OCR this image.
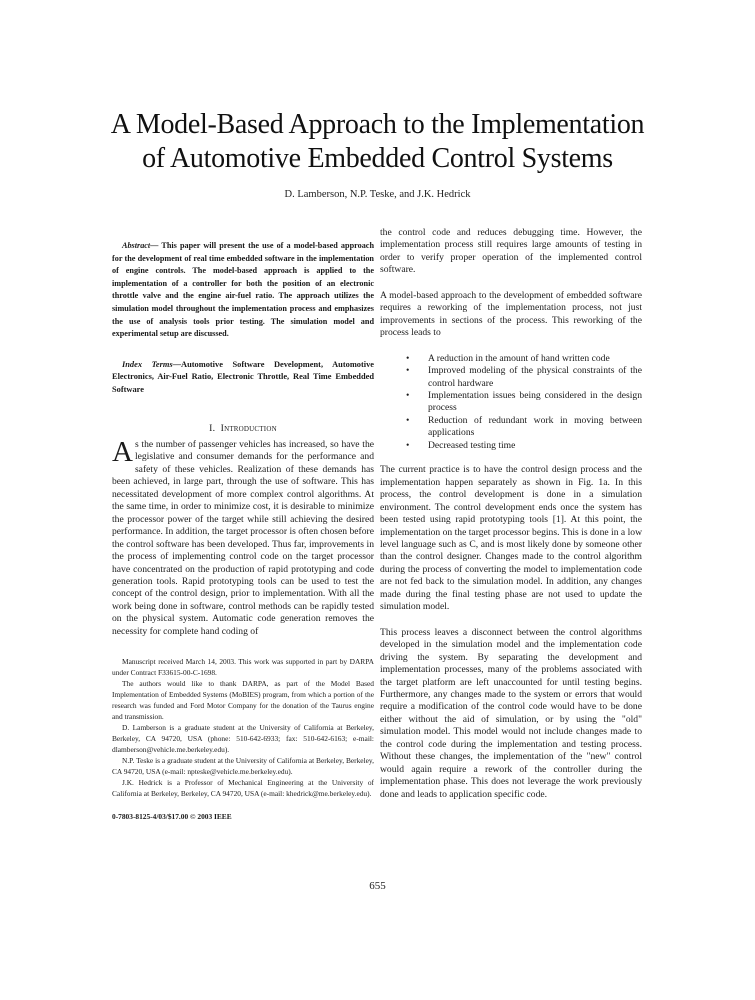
A Model-Based Approach to the Implementation
of Automotive Embedded Control Systems
D. Lamberson, N.P. Teske, and J.K. Hedrick

Abstract— This paper will present the use of a model-based approach for the development of real time embedded software in the implementation of engine controls. The model-based approach is applied to the implementation of a controller for both the position of an electronic throttle valve and the engine air-fuel ratio. The approach utilizes the simulation model throughout the implementation process and emphasizes the use of analysis tools prior testing. The simulation model and experimental setup are discussed.

Index Terms—Automotive Software Development, Automotive Electronics, Air-Fuel Ratio, Electronic Throttle, Real Time Embedded Software

I. Introduction

As the number of passenger vehicles has increased, so have the legislative and consumer demands for the performance and safety of these vehicles. Realization of these demands has been achieved, in large part, through the use of software. This has necessitated development of more complex control algorithms. At the same time, in order to minimize cost, it is desirable to minimize the processor power of the target while still achieving the desired performance. In addition, the target processor is often chosen before the control software has been developed. Thus far, improvements in the process of implementing control code on the target processor have concentrated on the production of rapid prototyping and code generation tools. Rapid prototyping tools can be used to test the concept of the control design, prior to implementation. With all the work being done in software, control methods can be rapidly tested on the physical system. Automatic code generation removes the necessity for complete hand coding of

Manuscript received March 14, 2003. This work was supported in part by DARPA under Contract F33615-00-C-1698.

The authors would like to thank DARPA, as part of the Model Based Implementation of Embedded Systems (MoBIES) program, from which a portion of the research was funded and Ford Motor Company for the donation of the Taurus engine and transmission.

D. Lamberson is a graduate student at the University of California at Berkeley, Berkeley, CA 94720, USA (phone: 510-642-6933; fax: 510-642-6163; e-mail: dlamberson@vehicle.me.berkeley.edu).

N.P. Teske is a graduate student at the University of California at Berkeley, Berkeley, CA 94720, USA (e-mail: npteske@vehicle.me.berkeley.edu).

J.K. Hedrick is a Professor of Mechanical Engineering at the University of California at Berkeley, Berkeley, CA 94720, USA (e-mail: khedrick@me.berkeley.edu).

0-7803-8125-4/03/$17.00 © 2003 IEEE

the control code and reduces debugging time. However, the implementation process still requires large amounts of testing in order to verify proper operation of the implemented control software.

A model-based approach to the development of embedded software requires a reworking of the implementation process, not just improvements in sections of the process. This reworking of the process leads to

• A reduction in the amount of hand written code
• Improved modeling of the physical constraints of the control hardware
• Implementation issues being considered in the design process
• Reduction of redundant work in moving between applications
• Decreased testing time

The current practice is to have the control design process and the implementation happen separately as shown in Fig. 1a. In this process, the control development is done in a simulation environment. The control development ends once the system has been tested using rapid prototyping tools [1]. At this point, the implementation on the target processor begins. This is done in a low level language such as C, and is most likely done by someone other than the control designer. Changes made to the control algorithm during the process of converting the model to implementation code are not fed back to the simulation model. In addition, any changes made during the final testing phase are not used to update the simulation model.

This process leaves a disconnect between the control algorithms developed in the simulation model and the implementation code driving the system. By separating the development and implementation processes, many of the problems associated with the target platform are left unaccounted for until testing begins. Furthermore, any changes made to the system or errors that would require a modification of the control code would have to be done either without the aid of simulation, or by using the "old" simulation model. This model would not include changes made to the control code during the implementation and testing process. Without these changes, the implementation of the "new" control would again require a rework of the controller during the implementation phase. This does not leverage the work previously done and leads to application specific code.

655
